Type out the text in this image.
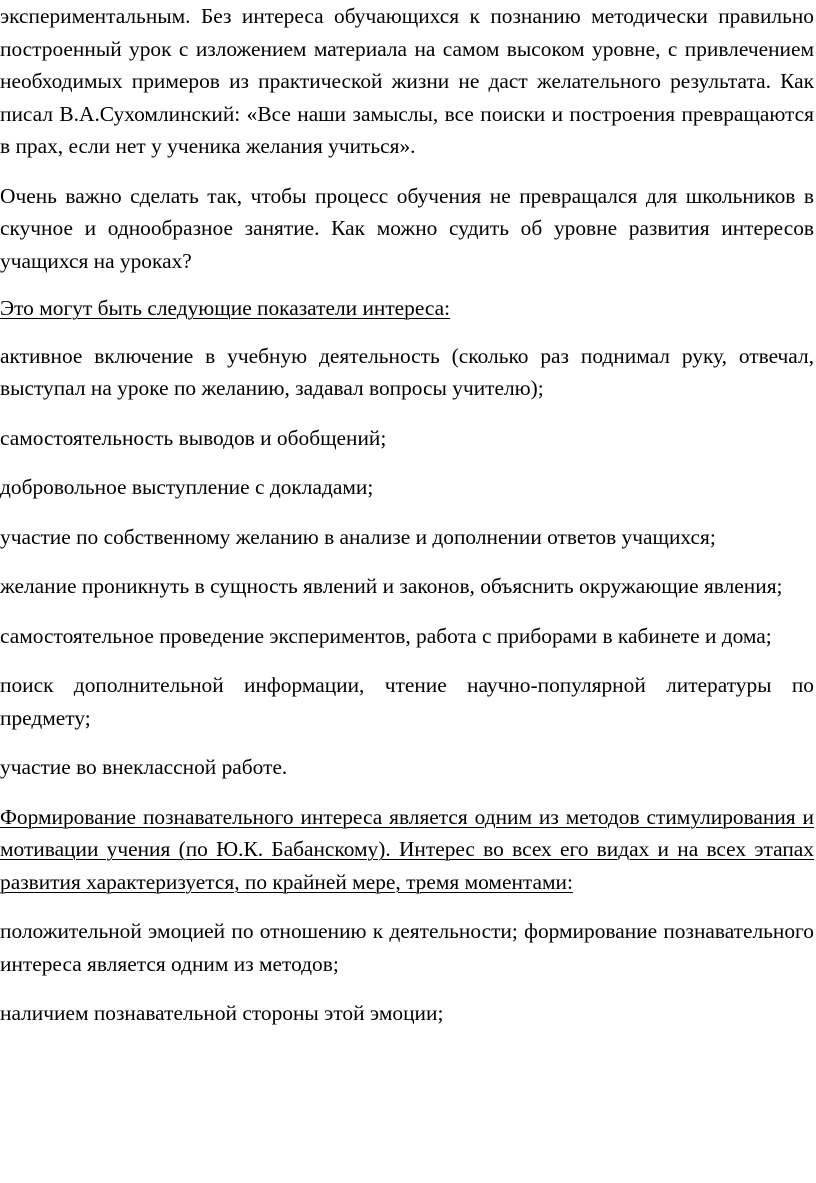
экспериментальным. Без интереса обучающихся к познанию методически правильно построенный урок с изложением материала на самом высоком уровне, с привлечением необходимых примеров из практической жизни не даст желательного результата. Как писал В.А.Сухомлинский: «Все наши замыслы, все поиски и построения превращаются в прах, если нет у ученика желания учиться».

Очень важно сделать так, чтобы процесс обучения не превращался для школьников в скучное и однообразное занятие. Как можно судить об уровне развития интересов учащихся на уроках?

Это могут быть следующие показатели интереса:

активное включение в учебную деятельность (сколько раз поднимал руку, отвечал, выступал на уроке по желанию, задавал вопросы учителю);

самостоятельность выводов и обобщений;

добровольное выступление с докладами;

участие по собственному желанию в анализе и дополнении ответов учащихся;

желание проникнуть в сущность явлений и законов, объяснить окружающие явления;

самостоятельное проведение экспериментов, работа с приборами в кабинете и дома;

поиск дополнительной информации, чтение научно-популярной литературы по предмету;

участие во внеклассной работе.

Формирование познавательного интереса является одним из методов стимулирования и мотивации учения (по Ю.К. Бабанскому). Интерес во всех его видах и на всех этапах развития характеризуется, по крайней мере, тремя моментами:

положительной эмоцией по отношению к деятельности; формирование познавательного интереса является одним из методов;

наличием познавательной стороны этой эмоции;
